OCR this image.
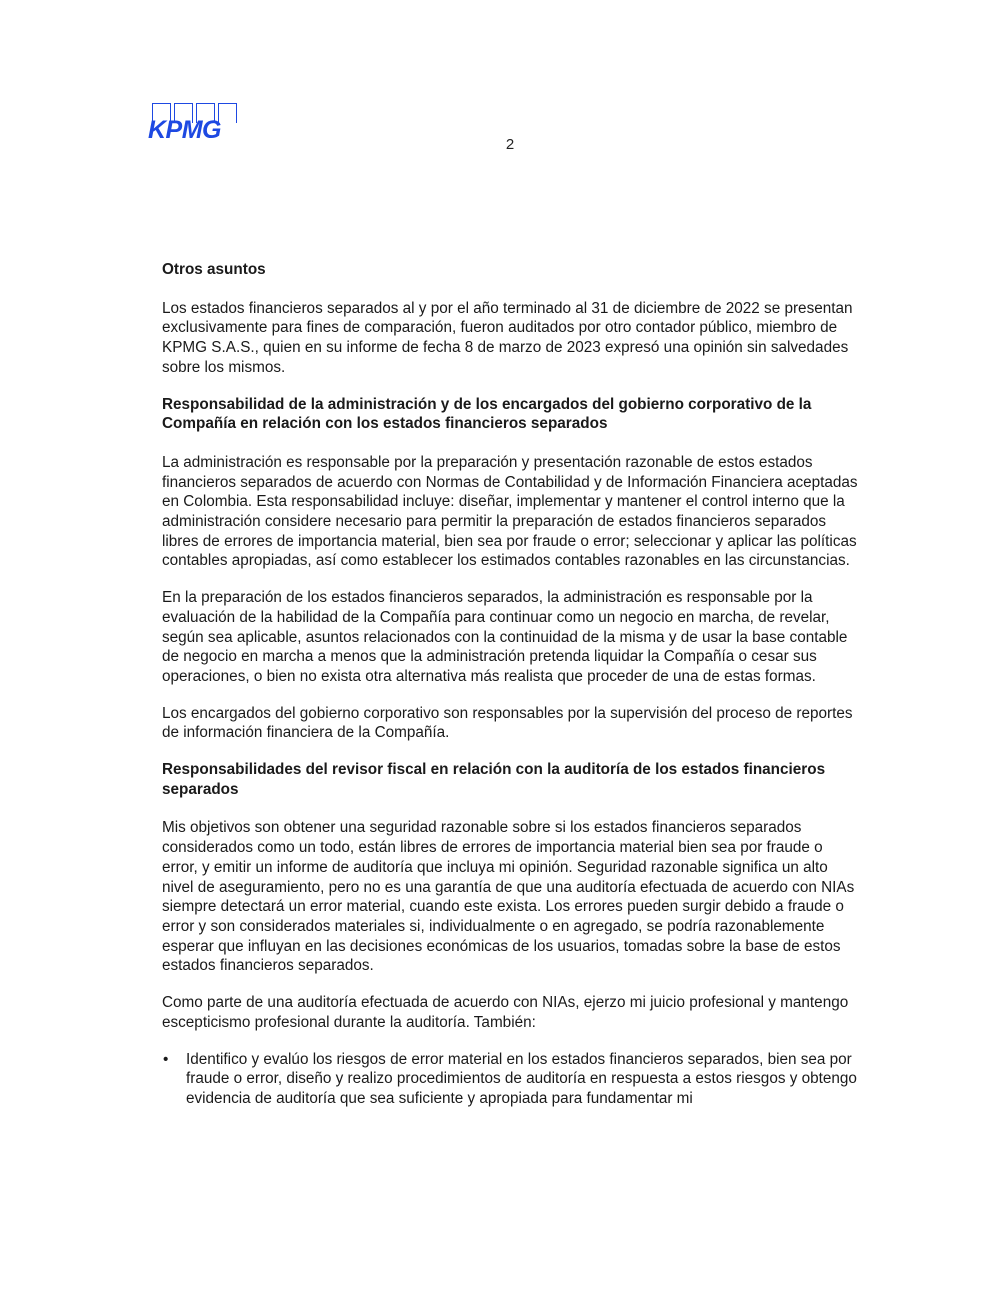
KPMG
2
Otros asuntos

Los estados financieros separados al y por el año terminado al 31 de diciembre de 2022 se presentan exclusivamente para fines de comparación, fueron auditados por otro contador público, miembro de KPMG S.A.S., quien en su informe de fecha 8 de marzo de 2023 expresó una opinión sin salvedades sobre los mismos.

Responsabilidad de la administración y de los encargados del gobierno corporativo de la Compañía en relación con los estados financieros separados

La administración es responsable por la preparación y presentación razonable de estos estados financieros separados de acuerdo con Normas de Contabilidad y de Información Financiera aceptadas en Colombia. Esta responsabilidad incluye: diseñar, implementar y mantener el control interno que la administración considere necesario para permitir la preparación de estados financieros separados libres de errores de importancia material, bien sea por fraude o error; seleccionar y aplicar las políticas contables apropiadas, así como establecer los estimados contables razonables en las circunstancias.

En la preparación de los estados financieros separados, la administración es responsable por la evaluación de la habilidad de la Compañía para continuar como un negocio en marcha, de revelar, según sea aplicable, asuntos relacionados con la continuidad de la misma y de usar la base contable de negocio en marcha a menos que la administración pretenda liquidar la Compañía o cesar sus operaciones, o bien no exista otra alternativa más realista que proceder de una de estas formas.

Los encargados del gobierno corporativo son responsables por la supervisión del proceso de reportes de información financiera de la Compañía.

Responsabilidades del revisor fiscal en relación con la auditoría de los estados financieros separados

Mis objetivos son obtener una seguridad razonable sobre si los estados financieros separados considerados como un todo, están libres de errores de importancia material bien sea por fraude o error, y emitir un informe de auditoría que incluya mi opinión. Seguridad razonable significa un alto nivel de aseguramiento, pero no es una garantía de que una auditoría efectuada de acuerdo con NIAs siempre detectará un error material, cuando este exista. Los errores pueden surgir debido a fraude o error y son considerados materiales si, individualmente o en agregado, se podría razonablemente esperar que influyan en las decisiones económicas de los usuarios, tomadas sobre la base de estos estados financieros separados.

Como parte de una auditoría efectuada de acuerdo con NIAs, ejerzo mi juicio profesional y mantengo escepticismo profesional durante la auditoría. También:

• Identifico y evalúo los riesgos de error material en los estados financieros separados, bien sea por fraude o error, diseño y realizo procedimientos de auditoría en respuesta a estos riesgos y obtengo evidencia de auditoría que sea suficiente y apropiada para fundamentar mi
